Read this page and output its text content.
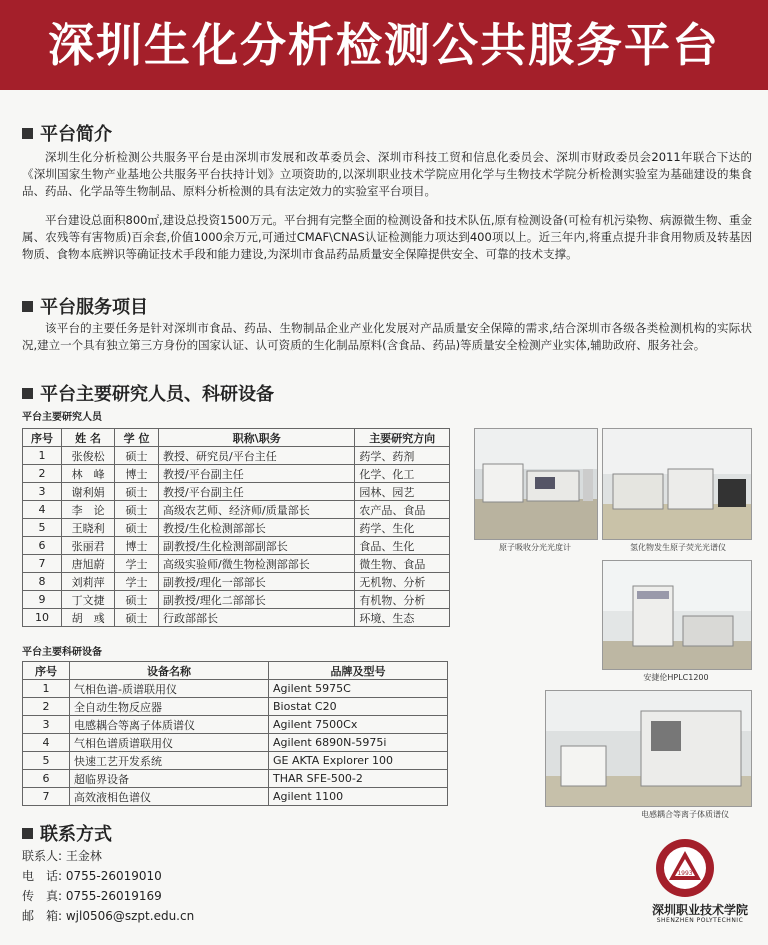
深圳生化分析检测公共服务平台
平台简介

深圳生化分析检测公共服务平台是由深圳市发展和改革委员会、深圳市科技工贸和信息化委员会、深圳市财政委员会2011年联合下达的《深圳国家生物产业基地公共服务平台扶持计划》立项资助的,以深圳职业技术学院应用化学与生物技术学院分析检测实验室为基础建设的集食品、药品、化学品等生物制品、原料分析检测的具有法定效力的实验室平台项目。

平台建设总面积800㎡,建设总投资1500万元。平台拥有完整全面的检测设备和技术队伍,原有检测设备(可检有机污染物、病源微生物、重金属、农残等有害物质)百余套,价值1000余万元,可通过CMAF\CNAS认证检测能力项达到400项以上。近三年内,将重点提升非食用物质及转基因物质、食物本底辨识等确证技术手段和能力建设,为深圳市食品药品质量安全保障提供安全、可靠的技术支撑。

平台服务项目

该平台的主要任务是针对深圳市食品、药品、生物制品企业产业化发展对产品质量安全保障的需求,结合深圳市各级各类检测机构的实际状况,建立一个具有独立第三方身份的国家认证、认可资质的生化制品原料(含食品、药品)等质量安全检测产业实体,辅助政府、服务社会。

平台主要研究人员、科研设备
平台主要研究人员
序号	姓 名	学 位	职称\职务	主要研究方向
1	张俊松	硕士	教授、研究员/平台主任	药学、药剂
2	林　峰	博士	教授/平台副主任	化学、化工
3	谢利娟	硕士	教授/平台副主任	园林、园艺
4	李　论	硕士	高级农艺师、经济师/质量部长	农产品、食品
5	王晓利	硕士	教授/生化检测部部长	药学、生化
6	张丽君	博士	副教授/生化检测部副部长	食品、生化
7	唐旭蔚	学士	高级实验师/微生物检测部部长	微生物、食品
8	刘莉萍	学士	副教授/理化一部部长	无机物、分析
9	丁文捷	硕士	副教授/理化二部部长	有机物、分析
10	胡　彧	硕士	行政部部长	环境、生态
平台主要科研设备
序号	设备名称	品牌及型号
1	气相色谱-质谱联用仪	Agilent 5975C
2	全自动生物反应器	Biostat C20
3	电感耦合等离子体质谱仪	Agilent 7500Cx
4	气相色谱质谱联用仪	Agilent 6890N-5975i
5	快速工艺开发系统	GE AKTA Explorer 100
6	超临界设备	THAR SFE-500-2
7	高效液相色谱仪	Agilent 1100
原子吸收分光光度计	氢化物发生原子荧光光谱仪
安捷伦HPLC1200
电感耦合等离子体质谱仪
联系方式
联系人: 王金林
电　话: 0755-26019010
传　真: 0755-26019169
邮　箱: wjl0506@szpt.edu.cn
1993
深圳职业技术学院
SHENZHEN POLYTECHNIC
